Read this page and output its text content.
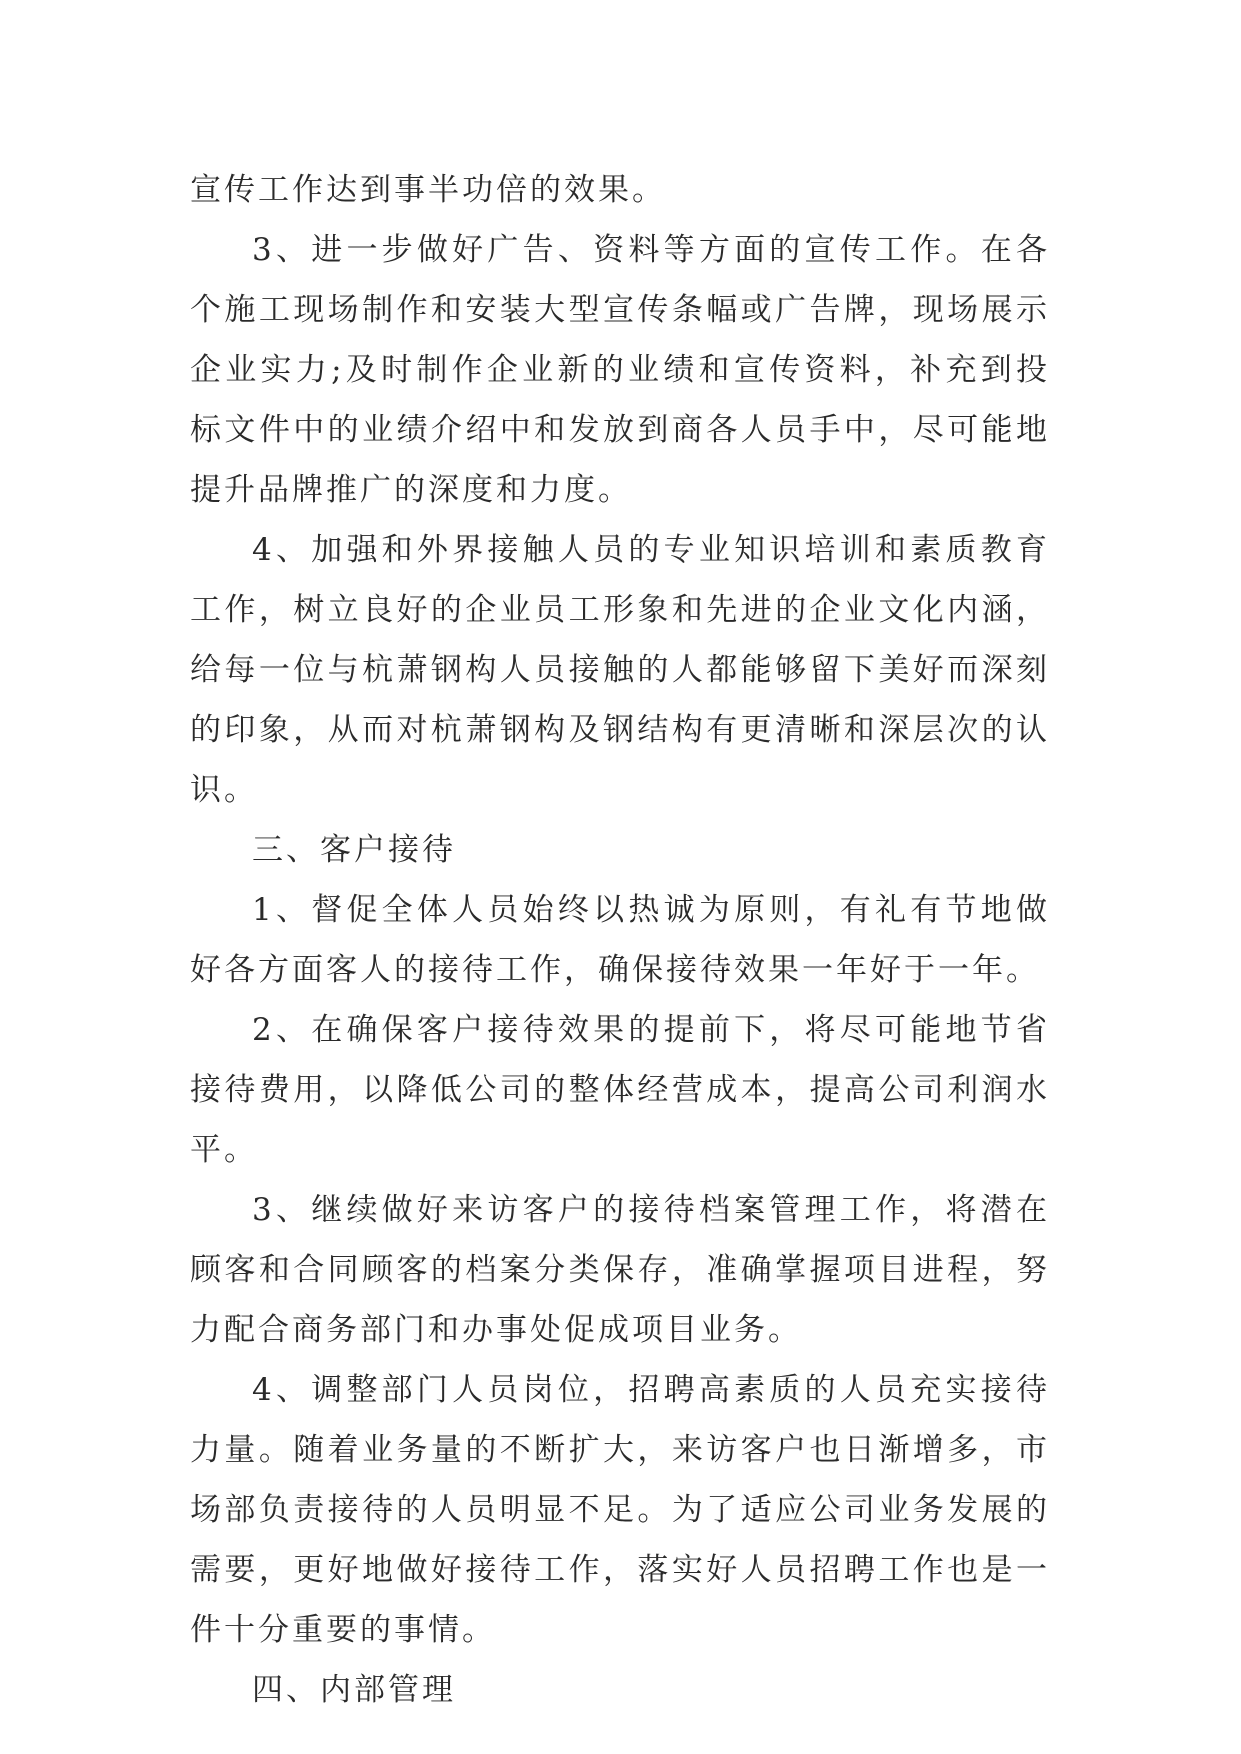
宣传工作达到事半功倍的效果。

3、进一步做好广告、资料等方面的宣传工作。在各个施工现场制作和安装大型宣传条幅或广告牌，现场展示企业实力;及时制作企业新的业绩和宣传资料，补充到投标文件中的业绩介绍中和发放到商各人员手中，尽可能地提升品牌推广的深度和力度。

4、加强和外界接触人员的专业知识培训和素质教育工作，树立良好的企业员工形象和先进的企业文化内涵，给每一位与杭萧钢构人员接触的人都能够留下美好而深刻的印象，从而对杭萧钢构及钢结构有更清晰和深层次的认识。

三、客户接待

1、督促全体人员始终以热诚为原则，有礼有节地做好各方面客人的接待工作，确保接待效果一年好于一年。

2、在确保客户接待效果的提前下，将尽可能地节省接待费用，以降低公司的整体经营成本，提高公司利润水平。

3、继续做好来访客户的接待档案管理工作，将潜在顾客和合同顾客的档案分类保存，准确掌握项目进程，努力配合商务部门和办事处促成项目业务。

4、调整部门人员岗位，招聘高素质的人员充实接待力量。随着业务量的不断扩大，来访客户也日渐增多，市场部负责接待的人员明显不足。为了适应公司业务发展的需要，更好地做好接待工作，落实好人员招聘工作也是一件十分重要的事情。

四、内部管理
